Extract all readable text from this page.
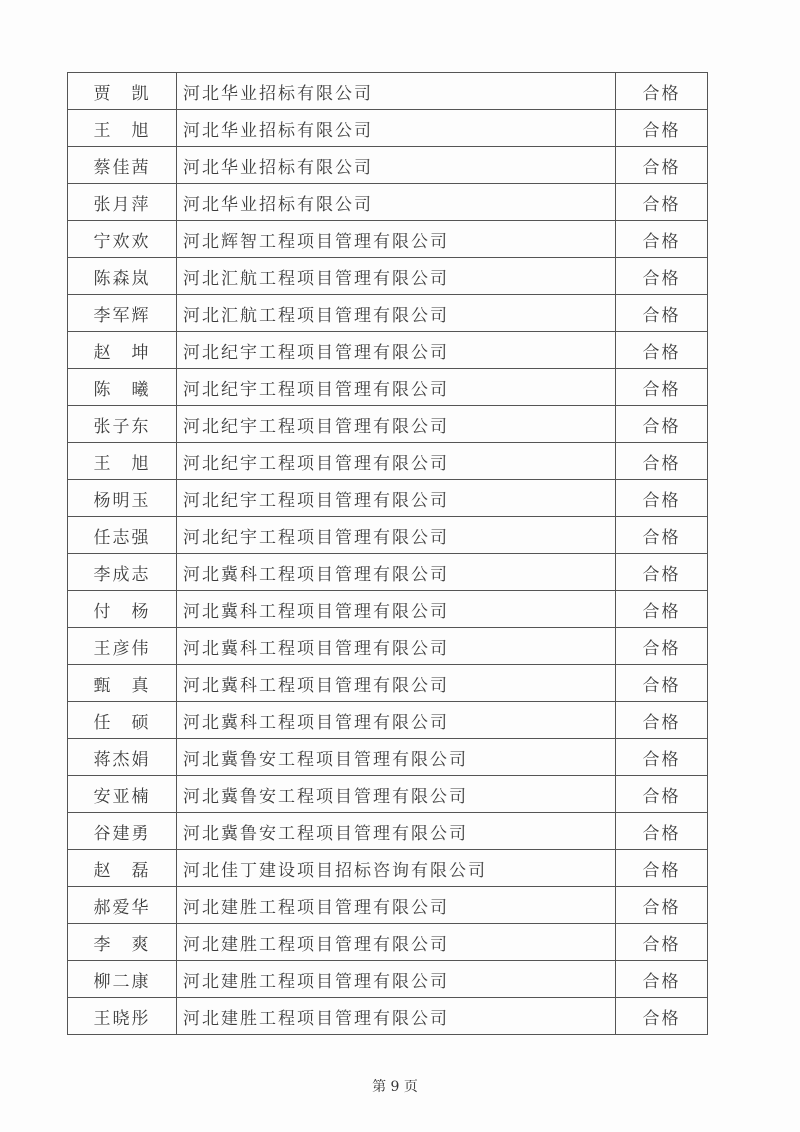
贾　凯	河北华业招标有限公司	合格
王　旭	河北华业招标有限公司	合格
蔡佳茜	河北华业招标有限公司	合格
张月萍	河北华业招标有限公司	合格
宁欢欢	河北辉智工程项目管理有限公司	合格
陈森岚	河北汇航工程项目管理有限公司	合格
李军辉	河北汇航工程项目管理有限公司	合格
赵　坤	河北纪宇工程项目管理有限公司	合格
陈　曦	河北纪宇工程项目管理有限公司	合格
张子东	河北纪宇工程项目管理有限公司	合格
王　旭	河北纪宇工程项目管理有限公司	合格
杨明玉	河北纪宇工程项目管理有限公司	合格
任志强	河北纪宇工程项目管理有限公司	合格
李成志	河北冀科工程项目管理有限公司	合格
付　杨	河北冀科工程项目管理有限公司	合格
王彦伟	河北冀科工程项目管理有限公司	合格
甄　真	河北冀科工程项目管理有限公司	合格
任　硕	河北冀科工程项目管理有限公司	合格
蒋杰娟	河北冀鲁安工程项目管理有限公司	合格
安亚楠	河北冀鲁安工程项目管理有限公司	合格
谷建勇	河北冀鲁安工程项目管理有限公司	合格
赵　磊	河北佳丁建设项目招标咨询有限公司	合格
郝爱华	河北建胜工程项目管理有限公司	合格
李　爽	河北建胜工程项目管理有限公司	合格
柳二康	河北建胜工程项目管理有限公司	合格
王晓彤	河北建胜工程项目管理有限公司	合格
第 9 页
